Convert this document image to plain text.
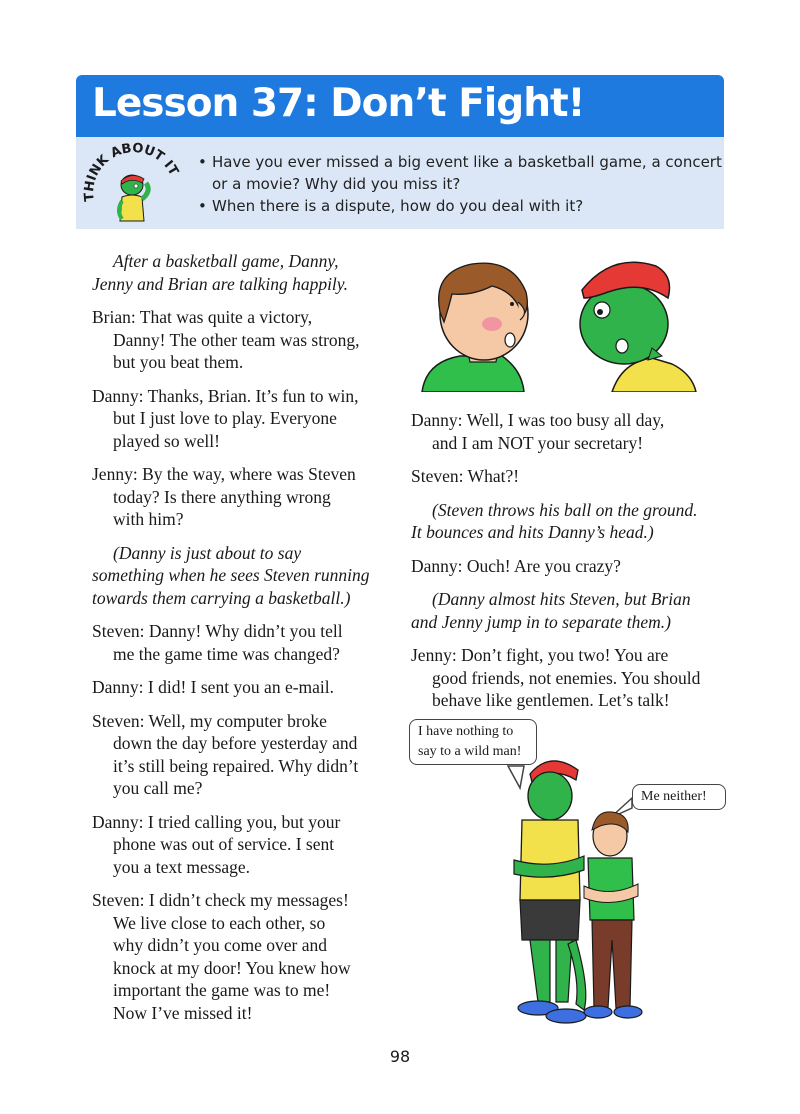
Lesson 37: Don’t Fight!
THINK ABOUT IT • Have you ever missed a big event like a basketball game, a concert
or a movie? Why did you miss it?
• When there is a dispute, how do you deal with it?

After a basketball game, Danny,
Jenny and Brian are talking happily.

Brian: That was quite a victory,
Danny! The other team was strong,
but you beat them.

Danny: Thanks, Brian. It’s fun to win,
but I just love to play. Everyone
played so well!

Jenny: By the way, where was Steven
today? Is there anything wrong
with him?

(Danny is just about to say
something when he sees Steven running
towards them carrying a basketball.)

Steven: Danny! Why didn’t you tell
me the game time was changed?

Danny: I did! I sent you an e-mail.

Steven: Well, my computer broke
down the day before yesterday and
it’s still being repaired. Why didn’t
you call me?

Danny: I tried calling you, but your
phone was out of service. I sent
you a text message.

Steven: I didn’t check my messages!
We live close to each other, so
why didn’t you come over and
knock at my door! You knew how
important the game was to me!
Now I’ve missed it!

Danny: Well, I was too busy all day,
and I am NOT your secretary!

Steven: What?!

(Steven throws his ball on the ground.
It bounces and hits Danny’s head.)

Danny: Ouch! Are you crazy?

(Danny almost hits Steven, but Brian
and Jenny jump in to separate them.)

Jenny: Don’t fight, you two! You are
good friends, not enemies. You should
behave like gentlemen. Let’s talk!

I have nothing to
say to a wild man!
Me neither!
98
